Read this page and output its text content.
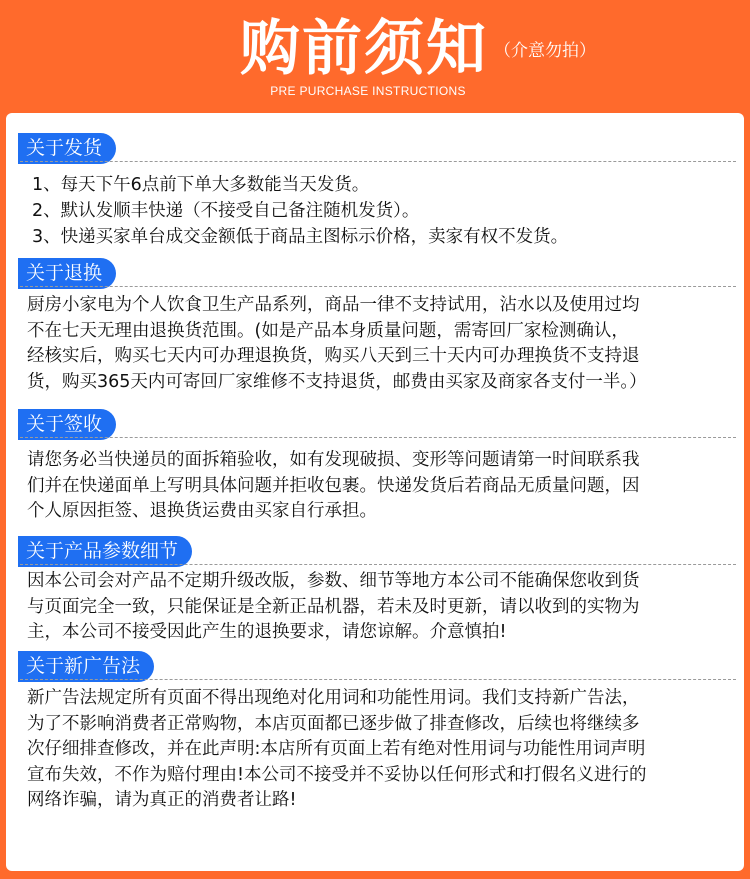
购前须知 （介意勿拍）
PRE PURCHASE INSTRUCTIONS
关于发货
1、每天下午6点前下单大多数能当天发货。
2、默认发顺丰快递（不接受自己备注随机发货）。
3、快递买家单台成交金额低于商品主图标示价格，卖家有权不发货。
关于退换
厨房小家电为个人饮食卫生产品系列，商品一律不支持试用，沾水以及使用过均
不在七天无理由退换货范围。(如是产品本身质量问题，需寄回厂家检测确认，
经核实后，购买七天内可办理退换货，购买八天到三十天内可办理换货不支持退
货，购买365天内可寄回厂家维修不支持退货，邮费由买家及商家各支付一半。）
关于签收
请您务必当快递员的面拆箱验收，如有发现破损、变形等问题请第一时间联系我
们并在快递面单上写明具体问题并拒收包裹。快递发货后若商品无质量问题，因
个人原因拒签、退换货运费由买家自行承担。
关于产品参数细节
因本公司会对产品不定期升级改版，参数、细节等地方本公司不能确保您收到货
与页面完全一致，只能保证是全新正品机器，若未及时更新，请以收到的实物为
主，本公司不接受因此产生的退换要求，请您谅解。介意慎拍!
关于新广告法
新广告法规定所有页面不得出现绝对化用词和功能性用词。我们支持新广告法，
为了不影响消费者正常购物，本店页面都已逐步做了排查修改，后续也将继续多
次仔细排查修改，并在此声明:本店所有页面上若有绝对性用词与功能性用词声明
宣布失效，不作为赔付理由!本公司不接受并不妥协以任何形式和打假名义进行的
网络诈骗，请为真正的消费者让路!
